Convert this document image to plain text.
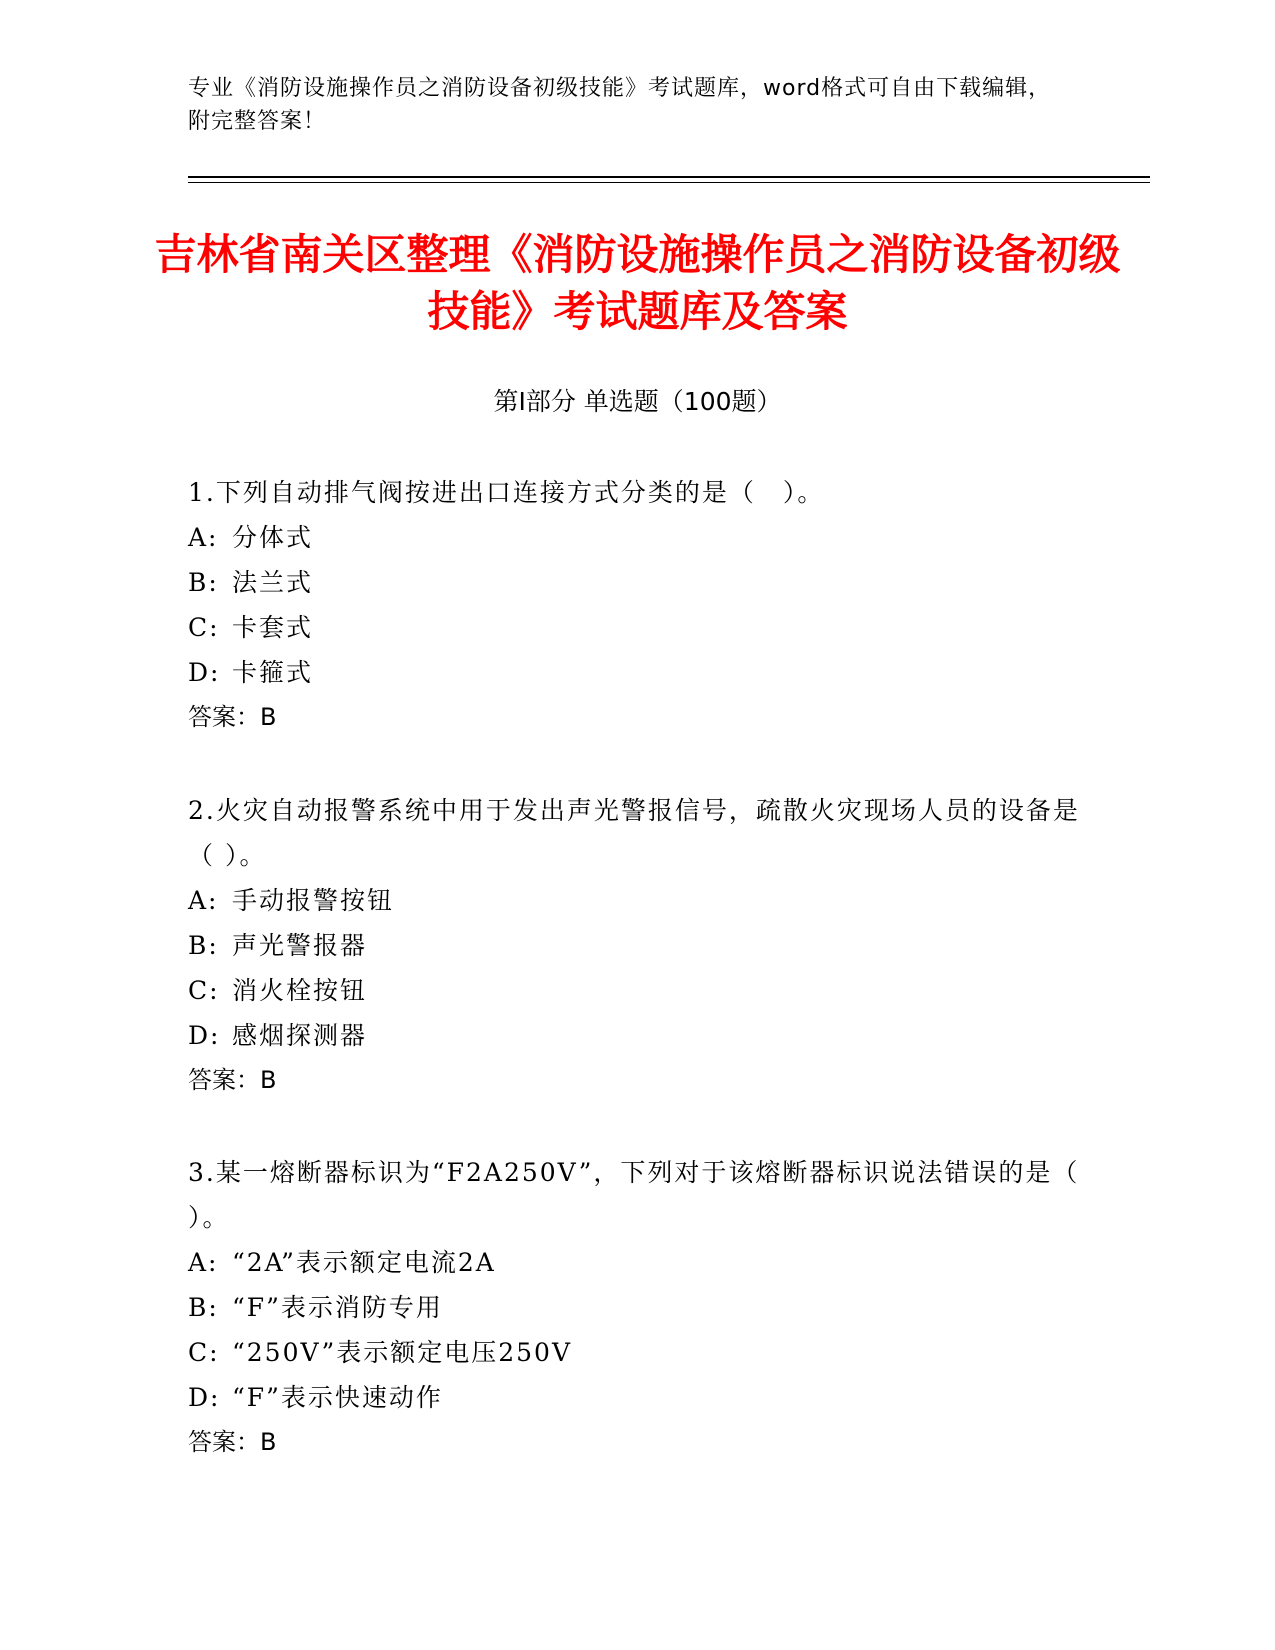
专业《消防设施操作员之消防设备初级技能》考试题库，word格式可自由下载编辑，附完整答案！
吉林省南关区整理《消防设施操作员之消防设备初级技能》考试题库及答案
第Ⅰ部分 单选题（100题）

1.下列自动排气阀按进出口连接方式分类的是（　）。

A: 分体式

B: 法兰式

C: 卡套式

D: 卡箍式

答案：B

2.火灾自动报警系统中用于发出声光警报信号，疏散火灾现场人员的设备是（ ）。

A: 手动报警按钮

B: 声光警报器

C: 消火栓按钮

D: 感烟探测器

答案：B

3.某一熔断器标识为“F2A250V”，下列对于该熔断器标识说法错误的是（ ）。

A: “2A”表示额定电流2A

B: “F”表示消防专用

C: “250V”表示额定电压250V

D: “F”表示快速动作

答案：B
